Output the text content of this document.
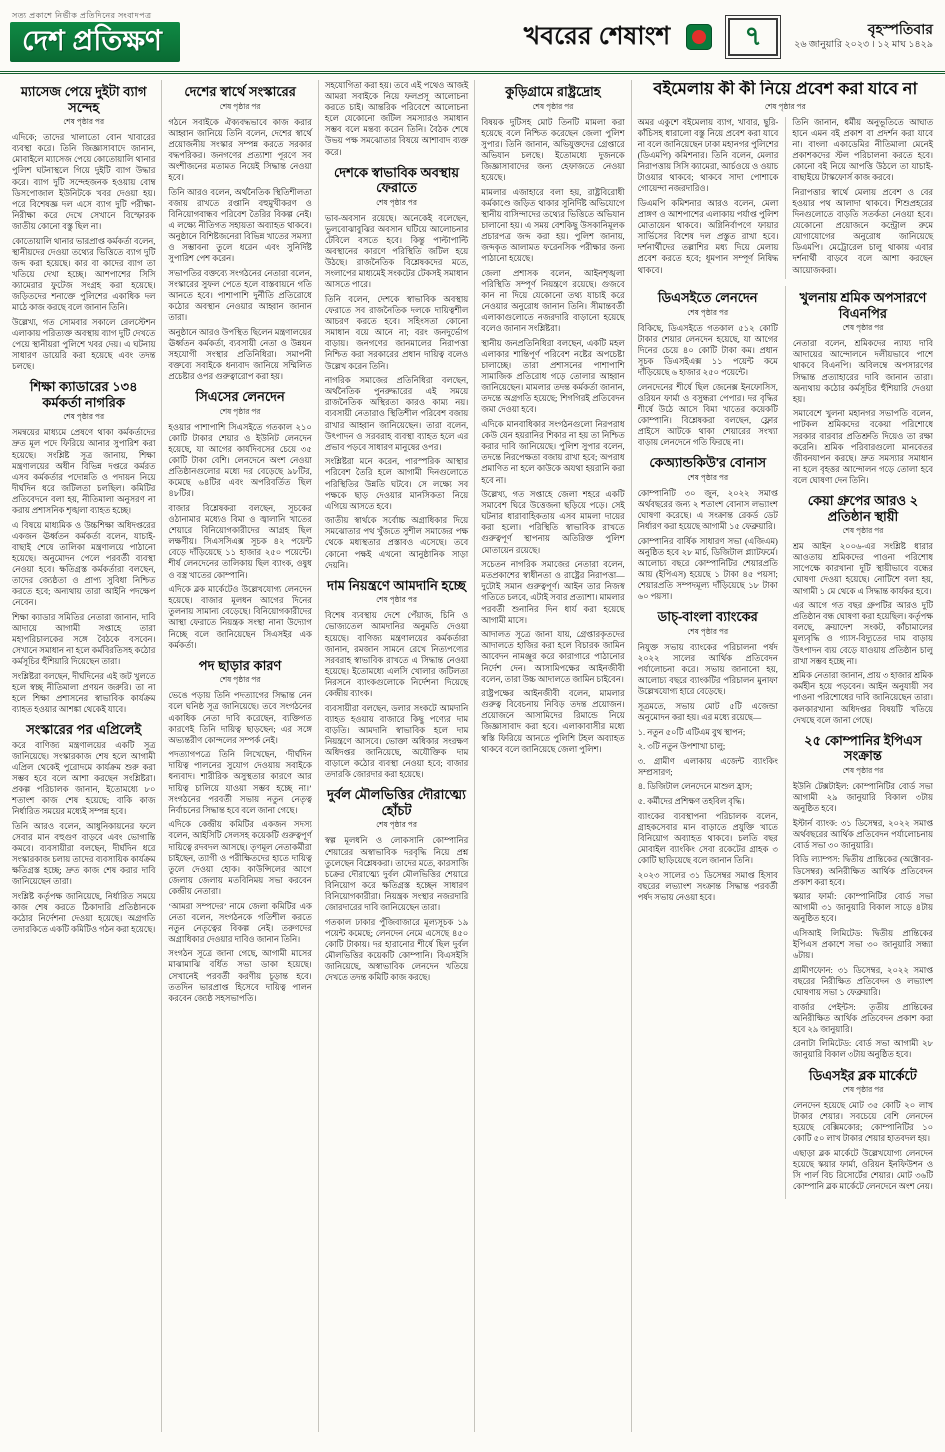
সত্য প্রকাশে নির্ভীক প্রতিদিনের সংবাদপত্র

দেশ প্রতিক্ষণ	খবরের শেষাংশ	৭	বৃহস্পতিবার

২৬ জানুয়ারি ২০২৩ । ১২ মাঘ ১৪২৯

ম্যাসেজ পেয়ে দুইটা ব্যাগ সন্দেহ

শেষ পৃষ্ঠার পর

এদিকে; তাদের খালাতো বোন খাবারের ব্যবস্থা করে। তিনি জিজ্ঞাসাবাদে জানান, মোবাইলে ম্যাসেজ পেয়ে কোতোয়ালি থানার পুলিশ ঘটনাস্থলে গিয়ে দুইটি ব্যাগ উদ্ধার করে। ব্যাগ দুটি সন্দেহজনক হওয়ায় বোম্ব ডিসপোজাল ইউনিটকে খবর দেওয়া হয়। পরে বিশেষজ্ঞ দল এসে ব্যাগ দুটি পরীক্ষা-নিরীক্ষা করে দেখে সেখানে বিস্ফোরক জাতীয় কোনো বস্তু ছিল না।

কোতোয়ালি থানার ভারপ্রাপ্ত কর্মকর্তা বলেন, স্থানীয়দের দেওয়া তথ্যের ভিত্তিতে ব্যাগ দুটি জব্দ করা হয়েছে। কার বা কাদের ব্যাগ তা খতিয়ে দেখা হচ্ছে। আশপাশের সিসি ক্যামেরার ফুটেজ সংগ্রহ করা হয়েছে। জড়িতদের শনাক্তে পুলিশের একাধিক দল মাঠে কাজ করছে বলে জানান তিনি।

উল্লেখ্য, গত সোমবার সকালে রেলস্টেশন এলাকায় পরিত্যক্ত অবস্থায় ব্যাগ দুটি দেখতে পেয়ে স্থানীয়রা পুলিশে খবর দেয়। এ ঘটনায় সাধারণ ডায়েরি করা হয়েছে এবং তদন্ত চলছে।

শিক্ষা ক্যাডারের ১৩৪ কর্মকর্তা নাগরিক

শেষ পৃষ্ঠার পর

সমন্বয়ের মাধ্যমে প্রেষণে থাকা কর্মকর্তাদের দ্রুত মূল পদে ফিরিয়ে আনার সুপারিশ করা হয়েছে। সংশ্লিষ্ট সূত্র জানায়, শিক্ষা মন্ত্রণালয়ের অধীন বিভিন্ন দপ্তরে কর্মরত এসব কর্মকর্তার পদোন্নতি ও পদায়ন নিয়ে দীর্ঘদিন ধরে জটিলতা চলছিল। কমিটির প্রতিবেদনে বলা হয়, নীতিমালা অনুসরণ না করায় প্রশাসনিক শৃঙ্খলা ব্যাহত হচ্ছে।

এ বিষয়ে মাধ্যমিক ও উচ্চশিক্ষা অধিদপ্তরের একজন ঊর্ধ্বতন কর্মকর্তা বলেন, যাচাই-বাছাই শেষে তালিকা মন্ত্রণালয়ে পাঠানো হয়েছে। অনুমোদন পেলে পরবর্তী ব্যবস্থা নেওয়া হবে। ক্ষতিগ্রস্ত কর্মকর্তারা বলছেন, তাদের জ্যেষ্ঠতা ও প্রাপ্য সুবিধা নিশ্চিত করতে হবে; অন্যথায় তারা আইনি পদক্ষেপ নেবেন।

শিক্ষা ক্যাডার সমিতির নেতারা জানান, দাবি আদায়ে আগামী সপ্তাহে তারা মহাপরিচালকের সঙ্গে বৈঠকে বসবেন। সেখানে সমাধান না হলে কর্মবিরতিসহ কঠোর কর্মসূচির হুঁশিয়ারি দিয়েছেন তারা।

সংশ্লিষ্টরা বলছেন, দীর্ঘদিনের এই জট খুলতে হলে স্বচ্ছ নীতিমালা প্রণয়ন জরুরি। তা না হলে শিক্ষা প্রশাসনের স্বাভাবিক কার্যক্রম ব্যাহত হওয়ার আশঙ্কা থেকেই যাবে।

সংস্কারের পর এপ্রিলেই

করে বাণিজ্য মন্ত্রণালয়ের একটি সূত্র জানিয়েছে। সংস্কারকাজ শেষ হলে আগামী এপ্রিল থেকেই পুরোদমে কার্যক্রম শুরু করা সম্ভব হবে বলে আশা করছেন সংশ্লিষ্টরা। প্রকল্প পরিচালক জানান, ইতোমধ্যে ৮০ শতাংশ কাজ শেষ হয়েছে; বাকি কাজ নির্ধারিত সময়ের মধ্যেই সম্পন্ন হবে।

তিনি আরও বলেন, আধুনিকায়নের ফলে সেবার মান বহুগুণ বাড়বে এবং ভোগান্তি কমবে। ব্যবসায়ীরা বলছেন, দীর্ঘদিন ধরে সংস্কারকাজ চলায় তাদের ব্যবসায়িক কার্যক্রম ক্ষতিগ্রস্ত হচ্ছে; দ্রুত কাজ শেষ করার দাবি জানিয়েছেন তারা।

সংশ্লিষ্ট কর্তৃপক্ষ জানিয়েছে, নির্ধারিত সময়ে কাজ শেষ করতে ঠিকাদারি প্রতিষ্ঠানকে কঠোর নির্দেশনা দেওয়া হয়েছে। অগ্রগতি তদারকিতে একটি কমিটিও গঠন করা হয়েছে।

দেশের স্বার্থে সংস্কারের

শেষ পৃষ্ঠার পর

গঠনে সবাইকে ঐক্যবদ্ধভাবে কাজ করার আহ্বান জানিয়ে তিনি বলেন, দেশের স্বার্থে প্রয়োজনীয় সংস্কার সম্পন্ন করতে সরকার বদ্ধপরিকর। জনগণের প্রত্যাশা পূরণে সব অংশীজনের মতামত নিয়েই সিদ্ধান্ত নেওয়া হবে।

তিনি আরও বলেন, অর্থনৈতিক স্থিতিশীলতা বজায় রাখতে রপ্তানি বহুমুখীকরণ ও বিনিয়োগবান্ধব পরিবেশ তৈরির বিকল্প নেই। এ লক্ষ্যে নীতিগত সহায়তা অব্যাহত থাকবে। অনুষ্ঠানে বিশিষ্টজনেরা বিভিন্ন খাতের সমস্যা ও সম্ভাবনা তুলে ধরেন এবং সুনির্দিষ্ট সুপারিশ পেশ করেন।

সভাপতির বক্তব্যে সংগঠনের নেতারা বলেন, সংস্কারের সুফল পেতে হলে বাস্তবায়নে গতি আনতে হবে। পাশাপাশি দুর্নীতি প্রতিরোধে কঠোর অবস্থান নেওয়ার আহ্বান জানান তারা।

অনুষ্ঠানে আরও উপস্থিত ছিলেন মন্ত্রণালয়ের ঊর্ধ্বতন কর্মকর্তা, ব্যবসায়ী নেতা ও উন্নয়ন সহযোগী সংস্থার প্রতিনিধিরা। সমাপনী বক্তব্যে সবাইকে ধন্যবাদ জানিয়ে সম্মিলিত প্রচেষ্টার ওপর গুরুত্বারোপ করা হয়।

সিএসের লেনদেন

শেষ পৃষ্ঠার পর

হওয়ার পাশাপাশি সিএসইতে গতকাল ২১০ কোটি টাকার শেয়ার ও ইউনিট লেনদেন হয়েছে, যা আগের কার্যদিবসের চেয়ে ৩৫ কোটি টাকা বেশি। লেনদেনে অংশ নেওয়া প্রতিষ্ঠানগুলোর মধ্যে দর বেড়েছে ৯৮টির, কমেছে ৬৪টির এবং অপরিবর্তিত ছিল ৪৮টির।

বাজার বিশ্লেষকরা বলছেন, সূচকের ওঠানামার মধ্যেও বিমা ও জ্বালানি খাতের শেয়ারে বিনিয়োগকারীদের আগ্রহ ছিল লক্ষণীয়। সিএসসিএক্স সূচক ৪২ পয়েন্ট বেড়ে দাঁড়িয়েছে ১১ হাজার ২৫০ পয়েন্টে। শীর্ষ লেনদেনের তালিকায় ছিল ব্যাংক, ওষুধ ও বস্ত্র খাতের কোম্পানি।

এদিকে ব্লক মার্কেটেও উল্লেখযোগ্য লেনদেন হয়েছে। বাজার মূলধন আগের দিনের তুলনায় সামান্য বেড়েছে। বিনিয়োগকারীদের আস্থা ফেরাতে নিয়ন্ত্রক সংস্থা নানা উদ্যোগ নিচ্ছে বলে জানিয়েছেন সিএসইর এক কর্মকর্তা।

পদ ছাড়ার কারণ

শেষ পৃষ্ঠার পর

ভেঙে পড়ায় তিনি পদত্যাগের সিদ্ধান্ত নেন বলে ঘনিষ্ঠ সূত্র জানিয়েছে। তবে সংগঠনের একাধিক নেতা দাবি করেছেন, ব্যক্তিগত কারণেই তিনি দায়িত্ব ছাড়ছেন; এর সঙ্গে অভ্যন্তরীণ কোন্দলের সম্পর্ক নেই।

পদত্যাগপত্রে তিনি লিখেছেন, ‘দীর্ঘদিন দায়িত্ব পালনের সুযোগ দেওয়ায় সবাইকে ধন্যবাদ। শারীরিক অসুস্থতার কারণে আর দায়িত্ব চালিয়ে যাওয়া সম্ভব হচ্ছে না।’ সংগঠনের পরবর্তী সভায় নতুন নেতৃত্ব নির্বাচনের সিদ্ধান্ত হবে বলে জানা গেছে।

এদিকে কেন্দ্রীয় কমিটির একজন সদস্য বলেন, আইসিটি সেলসহ কয়েকটি গুরুত্বপূর্ণ দায়িত্বে রদবদল আসছে। তৃণমূল নেতাকর্মীরা চাইছেন, ত্যাগী ও পরীক্ষিতদের হাতে দায়িত্ব তুলে দেওয়া হোক। কাউন্সিলের আগে জেলায় জেলায় মতবিনিময় সভা করবেন কেন্দ্রীয় নেতারা।

‘আমরা সম্পদের’ নামে জেলা কমিটির এক নেতা বলেন, সংগঠনকে গতিশীল করতে নতুন নেতৃত্বের বিকল্প নেই। তরুণদের অগ্রাধিকার দেওয়ার দাবিও জানান তিনি।

সংগঠন সূত্রে জানা গেছে, আগামী মাসের মাঝামাঝি বর্ধিত সভা ডাকা হয়েছে। সেখানেই পরবর্তী করণীয় চূড়ান্ত হবে। ততদিন ভারপ্রাপ্ত হিসেবে দায়িত্ব পালন করবেন জ্যেষ্ঠ সহসভাপতি।

সহযোগিতা করা হয়। তবে এই পথেও আজই আমরা সবাইকে নিয়ে ফলপ্রসূ আলোচনা করতে চাই। আন্তরিক পরিবেশে আলোচনা হলে যেকোনো জটিল সমস্যারও সমাধান সম্ভব বলে মন্তব্য করেন তিনি। বৈঠক শেষে উভয় পক্ষ সমঝোতার বিষয়ে আশাবাদ ব্যক্ত করে।

দেশকে স্বাভাবিক অবস্থায় ফেরাতে

শেষ পৃষ্ঠার পর

ভাব-অবসান রয়েছে। অনেকেই বলেছেন, ভুলবোঝাবুঝির অবসান ঘটিয়ে আলোচনার টেবিলে বসতে হবে। কিন্তু পাল্টাপাল্টি অবস্থানের কারণে পরিস্থিতি জটিল হয়ে উঠছে। রাজনৈতিক বিশ্লেষকদের মতে, সংলাপের মাধ্যমেই সংকটের টেকসই সমাধান আসতে পারে।

তিনি বলেন, দেশকে স্বাভাবিক অবস্থায় ফেরাতে সব রাজনৈতিক দলকে দায়িত্বশীল আচরণ করতে হবে। সহিংসতা কোনো সমাধান বয়ে আনে না; বরং জনদুর্ভোগ বাড়ায়। জনগণের জানমালের নিরাপত্তা নিশ্চিত করা সরকারের প্রধান দায়িত্ব বলেও উল্লেখ করেন তিনি।

নাগরিক সমাজের প্রতিনিধিরা বলছেন, অর্থনৈতিক পুনরুদ্ধারের এই সময়ে রাজনৈতিক অস্থিরতা কারও কাম্য নয়। ব্যবসায়ী নেতারাও স্থিতিশীল পরিবেশ বজায় রাখার আহ্বান জানিয়েছেন। তারা বলেন, উৎপাদন ও সরবরাহ ব্যবস্থা ব্যাহত হলে এর প্রভাব পড়বে সাধারণ মানুষের ওপর।

সংশ্লিষ্টরা মনে করেন, পারস্পরিক আস্থার পরিবেশ তৈরি হলে আগামী দিনগুলোতে পরিস্থিতির উন্নতি ঘটবে। সে লক্ষ্যে সব পক্ষকে ছাড় দেওয়ার মানসিকতা নিয়ে এগিয়ে আসতে হবে।

জাতীয় স্বার্থকে সর্বোচ্চ অগ্রাধিকার দিয়ে সমঝোতার পথ খুঁজতে সুশীল সমাজের পক্ষ থেকে মধ্যস্থতার প্রস্তাবও এসেছে। তবে কোনো পক্ষই এখনো আনুষ্ঠানিক সাড়া দেয়নি।

দাম নিয়ন্ত্রণে আমদানি হচ্ছে

শেষ পৃষ্ঠার পর

বিশেষ ব্যবস্থায় দেশে পেঁয়াজ, চিনি ও ভোজ্যতেল আমদানির অনুমতি দেওয়া হয়েছে। বাণিজ্য মন্ত্রণালয়ের কর্মকর্তারা জানান, রমজান সামনে রেখে নিত্যপণ্যের সরবরাহ স্বাভাবিক রাখতে এ সিদ্ধান্ত নেওয়া হয়েছে। ইতোমধ্যে এলসি খোলার জটিলতা নিরসনে ব্যাংকগুলোকে নির্দেশনা দিয়েছে কেন্দ্রীয় ব্যাংক।

ব্যবসায়ীরা বলছেন, ডলার সংকটে আমদানি ব্যাহত হওয়ায় বাজারে কিছু পণ্যের দাম বাড়তি। আমদানি স্বাভাবিক হলে দাম নিয়ন্ত্রণে আসবে। ভোক্তা অধিকার সংরক্ষণ অধিদপ্তর জানিয়েছে, অযৌক্তিক দাম বাড়ালে কঠোর ব্যবস্থা নেওয়া হবে; বাজার তদারকি জোরদার করা হয়েছে।

দুর্বল মৌলভিত্তির দৌরাত্ম্যে হোঁচট

শেষ পৃষ্ঠার পর

স্বল্প মূলধনি ও লোকসানি কোম্পানির শেয়ারের অস্বাভাবিক দরবৃদ্ধি নিয়ে প্রশ্ন তুলেছেন বিশ্লেষকরা। তাদের মতে, কারসাজি চক্রের দৌরাত্ম্যে দুর্বল মৌলভিত্তির শেয়ারে বিনিয়োগ করে ক্ষতিগ্রস্ত হচ্ছেন সাধারণ বিনিয়োগকারীরা। নিয়ন্ত্রক সংস্থার নজরদারি জোরদারের দাবি জানিয়েছেন তারা।

গতকাল ঢাকার পুঁজিবাজারে মূল্যসূচক ১৯ পয়েন্ট কমেছে; লেনদেন নেমে এসেছে ৪৫০ কোটি টাকায়। দর হারানোর শীর্ষে ছিল দুর্বল মৌলভিত্তির কয়েকটি কোম্পানি। বিএসইসি জানিয়েছে, অস্বাভাবিক লেনদেন খতিয়ে দেখতে তদন্ত কমিটি কাজ করছে।

কুড়িগ্রামে রাষ্ট্রদ্রোহ

শেষ পৃষ্ঠার পর

বিষয়ক দুটিসহ মোট তিনটি মামলা করা হয়েছে বলে নিশ্চিত করেছেন জেলা পুলিশ সুপার। তিনি জানান, অভিযুক্তদের গ্রেপ্তারে অভিযান চলছে। ইতোমধ্যে দুজনকে জিজ্ঞাসাবাদের জন্য হেফাজতে নেওয়া হয়েছে।

মামলার এজাহারে বলা হয়, রাষ্ট্রবিরোধী কর্মকাণ্ডে জড়িত থাকার সুনির্দিষ্ট অভিযোগে স্থানীয় বাসিন্দাদের তথ্যের ভিত্তিতে অভিযান চালানো হয়। এ সময় বেশকিছু উসকানিমূলক প্রচারপত্র জব্দ করা হয়। পুলিশ জানায়, জব্দকৃত আলামত ফরেনসিক পরীক্ষার জন্য পাঠানো হয়েছে।

জেলা প্রশাসক বলেন, আইনশৃঙ্খলা পরিস্থিতি সম্পূর্ণ নিয়ন্ত্রণে রয়েছে। গুজবে কান না দিয়ে যেকোনো তথ্য যাচাই করে নেওয়ার অনুরোধ জানান তিনি। সীমান্তবর্তী এলাকাগুলোতে নজরদারি বাড়ানো হয়েছে বলেও জানান সংশ্লিষ্টরা।

স্থানীয় জনপ্রতিনিধিরা বলছেন, একটি মহল এলাকার শান্তিপূর্ণ পরিবেশ নষ্টের অপচেষ্টা চালাচ্ছে। তারা প্রশাসনের পাশাপাশি সামাজিক প্রতিরোধ গড়ে তোলার আহ্বান জানিয়েছেন। মামলার তদন্ত কর্মকর্তা জানান, তদন্তে অগ্রগতি হয়েছে; শিগগিরই প্রতিবেদন জমা দেওয়া হবে।

এদিকে মানবাধিকার সংগঠনগুলো নিরপরাধ কেউ যেন হয়রানির শিকার না হয় তা নিশ্চিত করার দাবি জানিয়েছে। পুলিশ সুপার বলেন, তদন্তে নিরপেক্ষতা বজায় রাখা হবে; অপরাধ প্রমাণিত না হলে কাউকে অযথা হয়রানি করা হবে না।

উল্লেখ্য, গত সপ্তাহে জেলা শহরে একটি সমাবেশ ঘিরে উত্তেজনা ছড়িয়ে পড়ে। সেই ঘটনার ধারাবাহিকতায় এসব মামলা দায়ের করা হলো। পরিস্থিতি স্বাভাবিক রাখতে গুরুত্বপূর্ণ স্থাপনায় অতিরিক্ত পুলিশ মোতায়েন রয়েছে।

সচেতন নাগরিক সমাজের নেতারা বলেন, মতপ্রকাশের স্বাধীনতা ও রাষ্ট্রের নিরাপত্তা—দুটোই সমান গুরুত্বপূর্ণ। আইন তার নিজস্ব গতিতে চলবে, এটাই সবার প্রত্যাশা। মামলার পরবর্তী শুনানির দিন ধার্য করা হয়েছে আগামী মাসে।

আদালত সূত্রে জানা যায়, গ্রেপ্তারকৃতদের আদালতে হাজির করা হলে বিচারক জামিন আবেদন নামঞ্জুর করে কারাগারে পাঠানোর নির্দেশ দেন। আসামিপক্ষের আইনজীবী বলেন, তারা উচ্চ আদালতে জামিন চাইবেন।

রাষ্ট্রপক্ষের আইনজীবী বলেন, মামলার গুরুত্ব বিবেচনায় নিবিড় তদন্ত প্রয়োজন। প্রয়োজনে আসামিদের রিমান্ডে নিয়ে জিজ্ঞাসাবাদ করা হবে। এলাকাবাসীর মধ্যে স্বস্তি ফিরিয়ে আনতে পুলিশি টহল অব্যাহত থাকবে বলে জানিয়েছে জেলা পুলিশ।

বইমেলায় কী কী নিয়ে প্রবেশ করা যাবে না

শেষ পৃষ্ঠার পর

অমর একুশে বইমেলায় ব্যাগ, খাবার, ছুরি-কাঁচিসহ ধারালো বস্তু নিয়ে প্রবেশ করা যাবে না বলে জানিয়েছেন ঢাকা মহানগর পুলিশের (ডিএমপি) কমিশনার। তিনি বলেন, মেলার নিরাপত্তায় সিসি ক্যামেরা, আর্চওয়ে ও ওয়াচ টাওয়ার থাকবে; থাকবে সাদা পোশাকে গোয়েন্দা নজরদারিও।

ডিএমপি কমিশনার আরও বলেন, মেলা প্রাঙ্গণ ও আশপাশের এলাকায় পর্যাপ্ত পুলিশ মোতায়েন থাকবে। অগ্নিনির্বাপণে ফায়ার সার্ভিসের বিশেষ দল প্রস্তুত রাখা হবে। দর্শনার্থীদের তল্লাশির মধ্য দিয়ে মেলায় প্রবেশ করতে হবে; ধূমপান সম্পূর্ণ নিষিদ্ধ থাকবে।

তিনি জানান, ধর্মীয় অনুভূতিতে আঘাত হানে এমন বই প্রকাশ বা প্রদর্শন করা যাবে না। বাংলা একাডেমির নীতিমালা মেনেই প্রকাশকদের স্টল পরিচালনা করতে হবে। কোনো বই নিয়ে আপত্তি উঠলে তা যাচাই-বাছাইয়ে টাস্কফোর্স কাজ করবে।

নিরাপত্তার স্বার্থে মেলায় প্রবেশ ও বের হওয়ার পথ আলাদা থাকবে। শিশুপ্রহরের দিনগুলোতে বাড়তি সতর্কতা নেওয়া হবে। যেকোনো প্রয়োজনে কন্ট্রোল রুমে যোগাযোগের অনুরোধ জানিয়েছে ডিএমপি। মেট্রোরেল চালু থাকায় এবার দর্শনার্থী বাড়বে বলে আশা করছেন আয়োজকরা।

ডিএসইতে লেনদেন

শেষ পৃষ্ঠার পর

বিকিছে, ডিএসইতে গতকাল ৫১২ কোটি টাকার শেয়ার লেনদেন হয়েছে, যা আগের দিনের চেয়ে ৪০ কোটি টাকা কম। প্রধান সূচক ডিএসইএক্স ১১ পয়েন্ট কমে দাঁড়িয়েছে ৬ হাজার ২৫০ পয়েন্টে।

লেনদেনের শীর্ষে ছিল জেনেক্স ইনফোসিস, ওরিয়ন ফার্মা ও বসুন্ধরা পেপার। দর বৃদ্ধির শীর্ষে উঠে আসে বিমা খাতের কয়েকটি কোম্পানি। বিশ্লেষকরা বলছেন, ফ্লোর প্রাইসে আটকে থাকা শেয়ারের সংখ্যা বাড়ায় লেনদেনে গতি ফিরছে না।

কেঅ্যান্ডকিউ'র বোনাস

শেষ পৃষ্ঠার পর

কোম্পানিটি ৩০ জুন, ২০২২ সমাপ্ত অর্থবছরের জন্য ২ শতাংশ বোনাস লভ্যাংশ ঘোষণা করেছে। এ সংক্রান্ত রেকর্ড ডেট নির্ধারণ করা হয়েছে আগামী ১৫ ফেব্রুয়ারি।

কোম্পানির বার্ষিক সাধারণ সভা (এজিএম) অনুষ্ঠিত হবে ২৮ মার্চ, ডিজিটাল প্ল্যাটফর্মে। আলোচ্য বছরে কোম্পানিটির শেয়ারপ্রতি আয় (ইপিএস) হয়েছে ১ টাকা ৪৫ পয়সা; শেয়ারপ্রতি সম্পদমূল্য দাঁড়িয়েছে ১৮ টাকা ৬০ পয়সা।

ডাচ্-বাংলা ব্যাংকের

শেষ পৃষ্ঠার পর

নিযুক্ত সভায় ব্যাংকের পরিচালনা পর্ষদ ২০২২ সালের আর্থিক প্রতিবেদন পর্যালোচনা করে। সভায় জানানো হয়, আলোচ্য বছরে ব্যাংকটির পরিচালন মুনাফা উল্লেখযোগ্য হারে বেড়েছে।

সূত্রমতে, সভায় মোট ৫টি এজেন্ডা অনুমোদন করা হয়। এর মধ্যে রয়েছে—

১. নতুন ৫০টি এটিএম বুথ স্থাপন;

২. ৩টি নতুন উপশাখা চালু;

৩. গ্রামীণ এলাকায় এজেন্ট ব্যাংকিং সম্প্রসারণ;

৪. ডিজিটাল লেনদেনে মাশুল হ্রাস;

৫. কর্মীদের প্রশিক্ষণ তহবিল বৃদ্ধি।

ব্যাংকের ব্যবস্থাপনা পরিচালক বলেন, গ্রাহকসেবার মান বাড়াতে প্রযুক্তি খাতে বিনিয়োগ অব্যাহত থাকবে। চলতি বছর মোবাইল ব্যাংকিং সেবা রকেটের গ্রাহক ৩ কোটি ছাড়িয়েছে বলে জানান তিনি।

২০২৩ সালের ৩১ ডিসেম্বর সমাপ্ত হিসাব বছরের লভ্যাংশ সংক্রান্ত সিদ্ধান্ত পরবর্তী পর্ষদ সভায় নেওয়া হবে।

খুলনায় শ্রমিক অপসারণে বিএনপির

শেষ পৃষ্ঠার পর

নেতারা বলেন, শ্রমিকদের ন্যায্য দাবি আদায়ের আন্দোলনে দলীয়ভাবে পাশে থাকবে বিএনপি। অবিলম্বে অপসারণের সিদ্ধান্ত প্রত্যাহারের দাবি জানান তারা। অন্যথায় কঠোর কর্মসূচির হুঁশিয়ারি দেওয়া হয়।

সমাবেশে খুলনা মহানগর সভাপতি বলেন, পাটকল শ্রমিকদের বকেয়া পরিশোধে সরকার বারবার প্রতিশ্রুতি দিয়েও তা রক্ষা করেনি। শ্রমিক পরিবারগুলো মানবেতর জীবনযাপন করছে। দ্রুত সমস্যার সমাধান না হলে বৃহত্তর আন্দোলন গড়ে তোলা হবে বলে ঘোষণা দেন তিনি।

কেয়া গ্রুপের আরও ২ প্রতিষ্ঠান স্থায়ী

শেষ পৃষ্ঠার পর

শ্রম আইন ২০০৬-এর সংশ্লিষ্ট ধারার আওতায় শ্রমিকদের পাওনা পরিশোধ সাপেক্ষে কারখানা দুটি স্থায়ীভাবে বন্ধের ঘোষণা দেওয়া হয়েছে। নোটিশে বলা হয়, আগামী ১ মে থেকে এ সিদ্ধান্ত কার্যকর হবে।

এর আগে গত বছর গ্রুপটির আরও দুটি প্রতিষ্ঠান বন্ধ ঘোষণা করা হয়েছিল। কর্তৃপক্ষ বলছে, ক্রয়াদেশ সংকট, কাঁচামালের মূল্যবৃদ্ধি ও গ্যাস-বিদ্যুতের দাম বাড়ায় উৎপাদন ব্যয় বেড়ে যাওয়ায় প্রতিষ্ঠান চালু রাখা সম্ভব হচ্ছে না।

শ্রমিক নেতারা জানান, প্রায় ৩ হাজার শ্রমিক কর্মহীন হয়ে পড়বেন। আইন অনুযায়ী সব পাওনা পরিশোধের দাবি জানিয়েছেন তারা। কলকারখানা অধিদপ্তর বিষয়টি খতিয়ে দেখছে বলে জানা গেছে।

২৫ কোম্পানির ইপিএস সংক্রান্ত

শেষ পৃষ্ঠার পর

ইউনি টেক্সটাইল: কোম্পানিটির বোর্ড সভা আগামী ২৯ জানুয়ারি বিকাল ৩টায় অনুষ্ঠিত হবে।

ইস্টার্ন ব্যাংক: ৩১ ডিসেম্বর, ২০২২ সমাপ্ত অর্থবছরের আর্থিক প্রতিবেদন পর্যালোচনায় বোর্ড সভা ৩০ জানুয়ারি।

বিডি ল্যাম্পস: দ্বিতীয় প্রান্তিকের (অক্টোবর-ডিসেম্বর) অনিরীক্ষিত আর্থিক প্রতিবেদন প্রকাশ করা হবে।

স্কয়ার ফার্মা: কোম্পানিটির বোর্ড সভা আগামী ৩১ জানুয়ারি বিকাল সাড়ে ৪টায় অনুষ্ঠিত হবে।

এসিআই লিমিটেড: দ্বিতীয় প্রান্তিকের ইপিএস প্রকাশে সভা ৩০ জানুয়ারি সন্ধ্যা ৬টায়।

গ্রামীণফোন: ৩১ ডিসেম্বর, ২০২২ সমাপ্ত বছরের নিরীক্ষিত প্রতিবেদন ও লভ্যাংশ ঘোষণায় সভা ১ ফেব্রুয়ারি।

বার্জার পেইন্টস: তৃতীয় প্রান্তিকের অনিরীক্ষিত আর্থিক প্রতিবেদন প্রকাশ করা হবে ২৯ জানুয়ারি।

রেনাটা লিমিটেড: বোর্ড সভা আগামী ২৮ জানুয়ারি বিকাল ৩টায় অনুষ্ঠিত হবে।

ডিএসইর ব্লক মার্কেটে

শেষ পৃষ্ঠার পর

লেনদেন হয়েছে মোট ৩৫ কোটি ২০ লাখ টাকার শেয়ার। সবচেয়ে বেশি লেনদেন হয়েছে বেক্সিমকোর; কোম্পানিটির ১০ কোটি ৫০ লাখ টাকার শেয়ার হাতবদল হয়।

এছাড়া ব্লক মার্কেটে উল্লেখযোগ্য লেনদেন হয়েছে স্কয়ার ফার্মা, ওরিয়ন ইনফিউশন ও সি পার্ল বিচ রিসোর্টের শেয়ার। মোট ৩৬টি কোম্পানি ব্লক মার্কেটে লেনদেনে অংশ নেয়।
